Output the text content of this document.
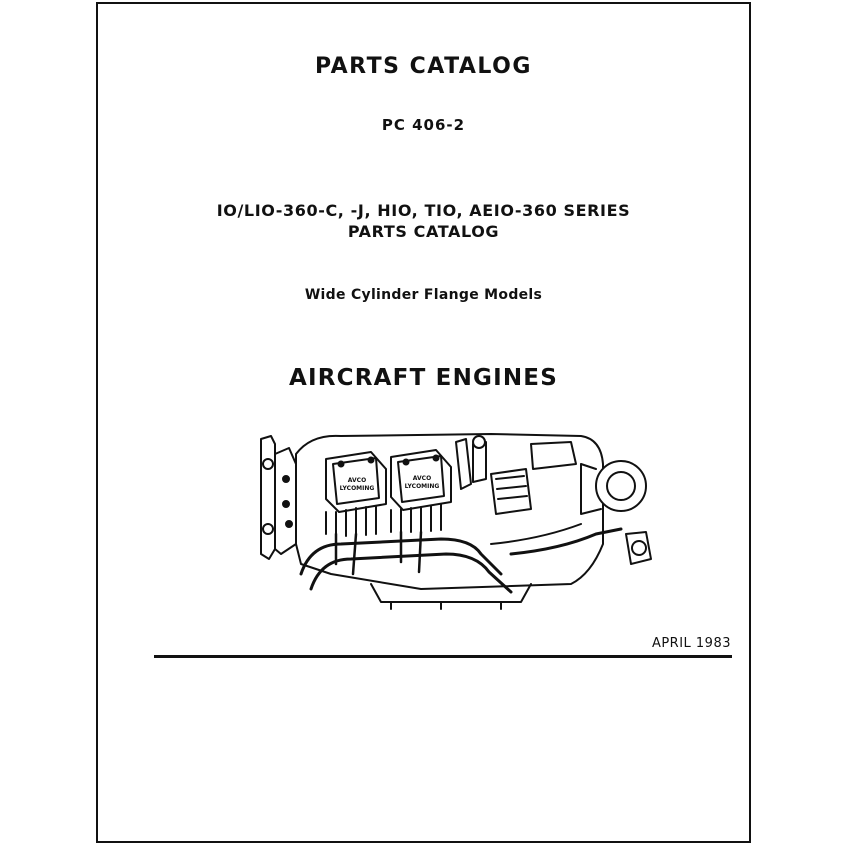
PARTS CATALOG
PC 406-2
IO/LIO-360-C, -J, HIO, TIO, AEIO-360 SERIES
PARTS CATALOG
Wide Cylinder Flange Models
AIRCRAFT ENGINES
AVCO
LYCOMING
AVCO
LYCOMING
APRIL 1983
